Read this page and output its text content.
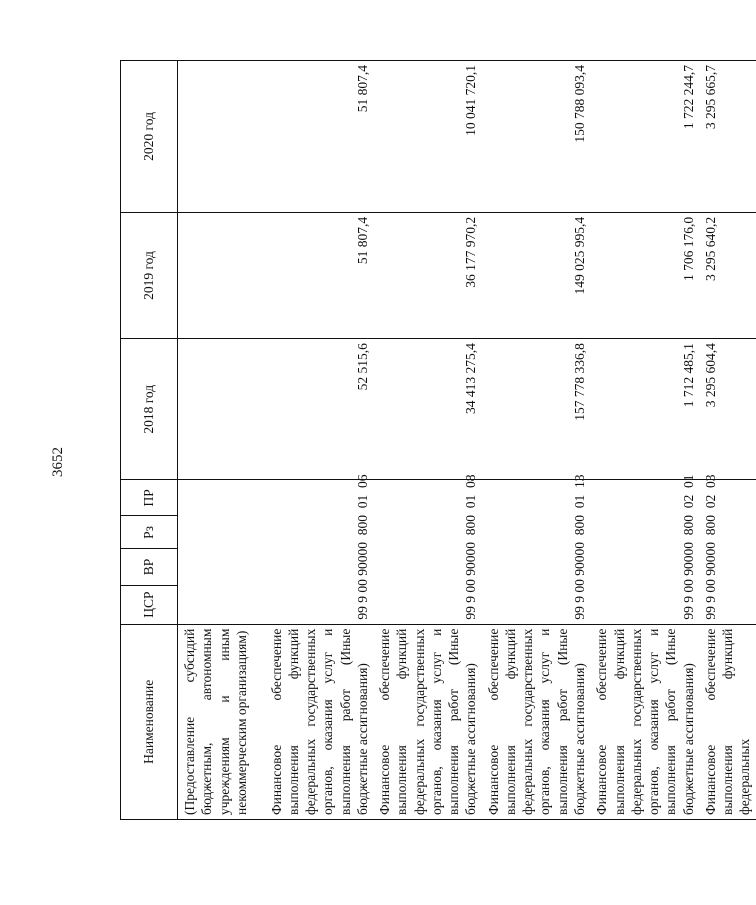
3652
Наименование	ЦСР	ВР	Рз	ПР	2018 год	2019 год	2020 год
(Предоставление субсидий бюджетным, автономным учреждениям и иным некоммерческим организациям)							
Финансовое обеспечение выполнения функций федеральных государственных органов, оказания услуг и выполнения работ (Иные бюджетные ассигнования)	99 9 00 90000  800  01  06				52 515,6	51 807,4	51 807,4
Финансовое обеспечение выполнения функций федеральных государственных органов, оказания услуг и выполнения работ (Иные бюджетные ассигнования)	99 9 00 90000  800  01  08				34 413 275,4	36 177 970,2	10 041 720,1
Финансовое обеспечение выполнения функций федеральных государственных органов, оказания услуг и выполнения работ (Иные бюджетные ассигнования)	99 9 00 90000  800  01  13				157 778 336,8	149 025 995,4	150 788 093,4
Финансовое обеспечение выполнения функций федеральных государственных органов, оказания услуг и выполнения работ (Иные бюджетные ассигнования)	99 9 00 90000  800  02  01				1 712 485,1	1 706 176,0	1 722 244,7
Финансовое обеспечение выполнения функций федеральных	99 9 00 90000  800  02  03				3 295 604,4	3 295 640,2	3 295 665,7
